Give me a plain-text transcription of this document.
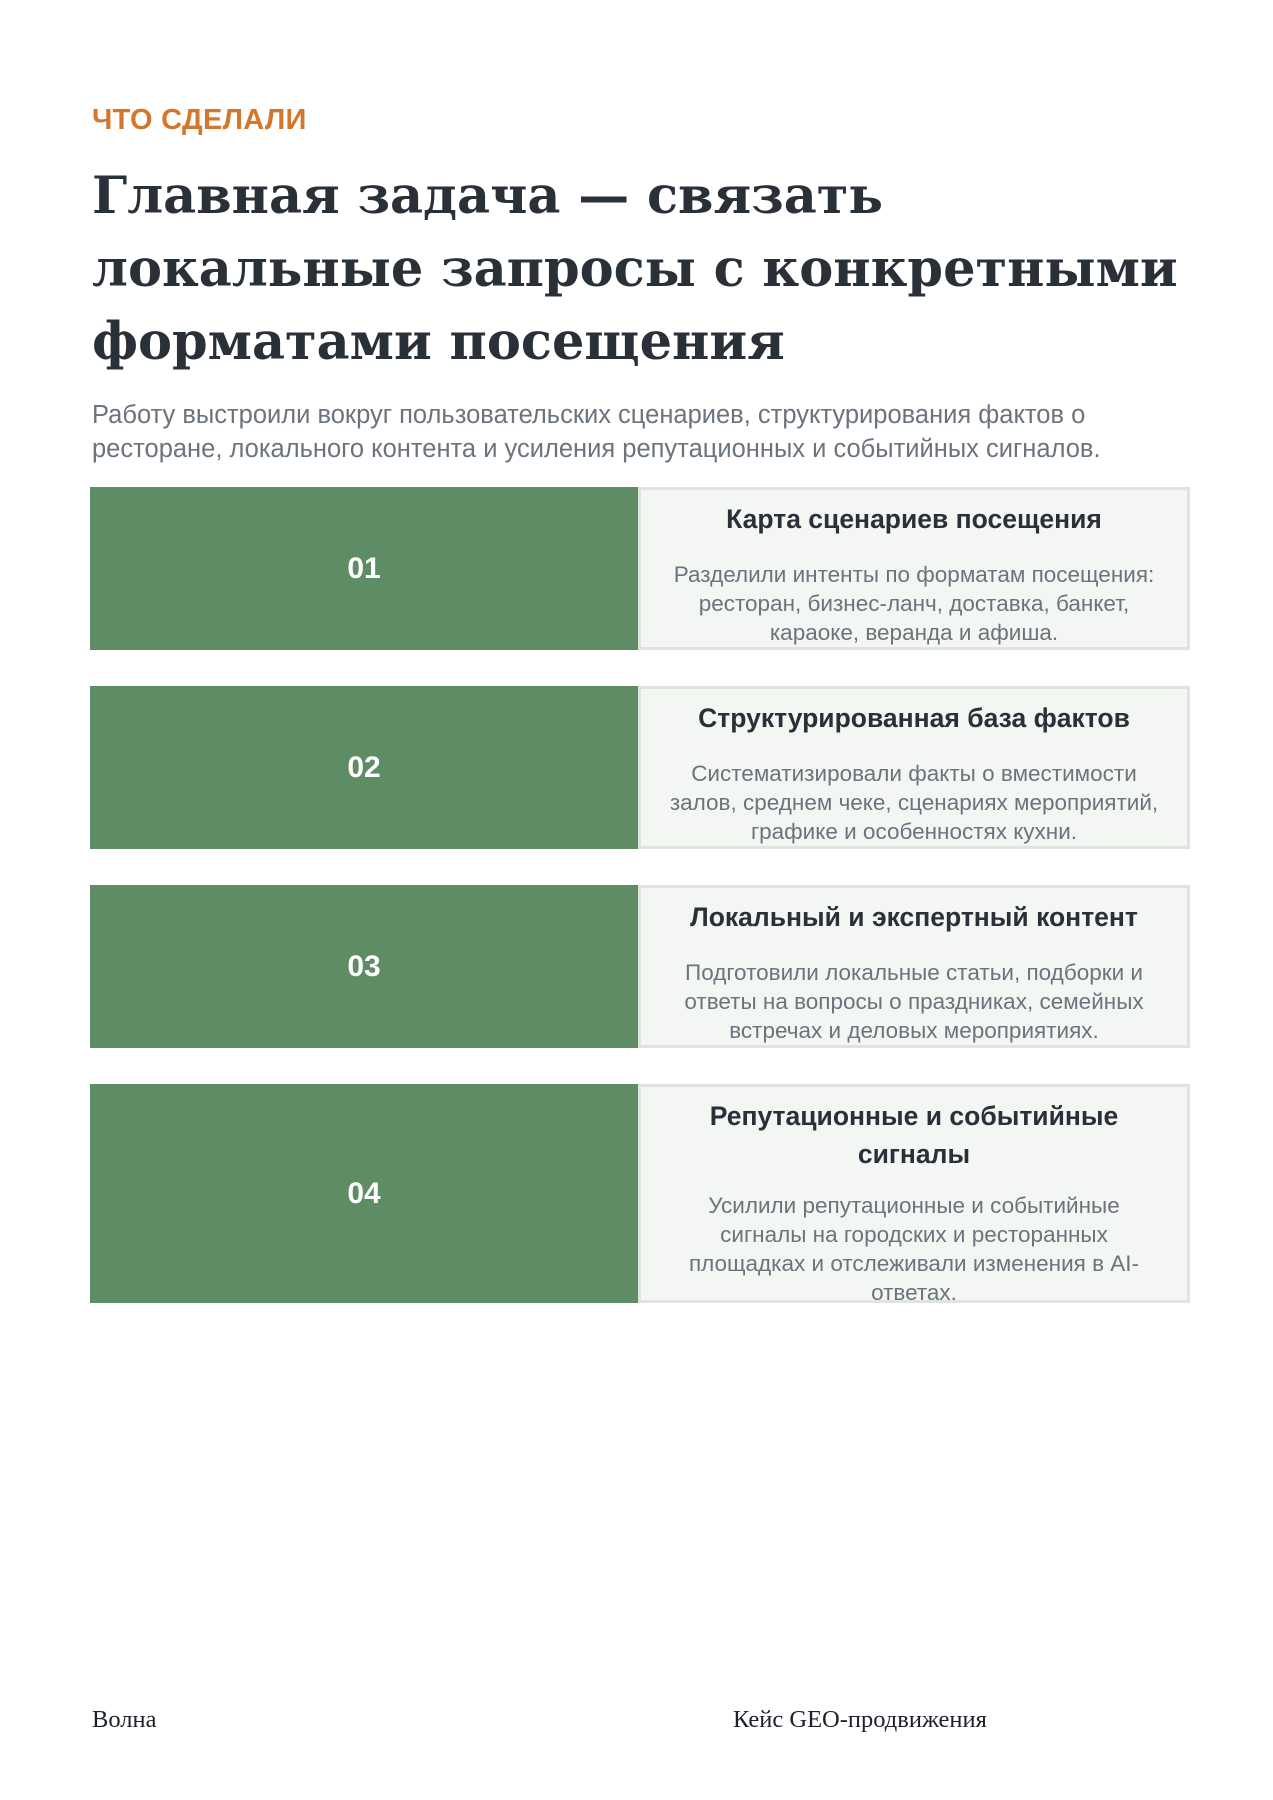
ЧТО СДЕЛАЛИ
Главная задача — связать локальные запросы с конкретными форматами посещения

Работу выстроили вокруг пользовательских сценариев, структурирования фактов о ресторане, локального контента и усиления репутационных и событийных сигналов.

01
Карта сценариев посещения

Разделили интенты по форматам посещения: ресторан, бизнес-ланч, доставка, банкет, караоке, веранда и афиша.

02
Структурированная база фактов

Систематизировали факты о вместимости залов, среднем чеке, сценариях мероприятий, графике и особенностях кухни.

03
Локальный и экспертный контент

Подготовили локальные статьи, подборки и ответы на вопросы о праздниках, семейных встречах и деловых мероприятиях.

04
Репутационные и событийные сигналы

Усилили репутационные и событийные сигналы на городских и ресторанных площадках и отслеживали изменения в AI-ответах.

Волна	Кейс GEO-продвижения
